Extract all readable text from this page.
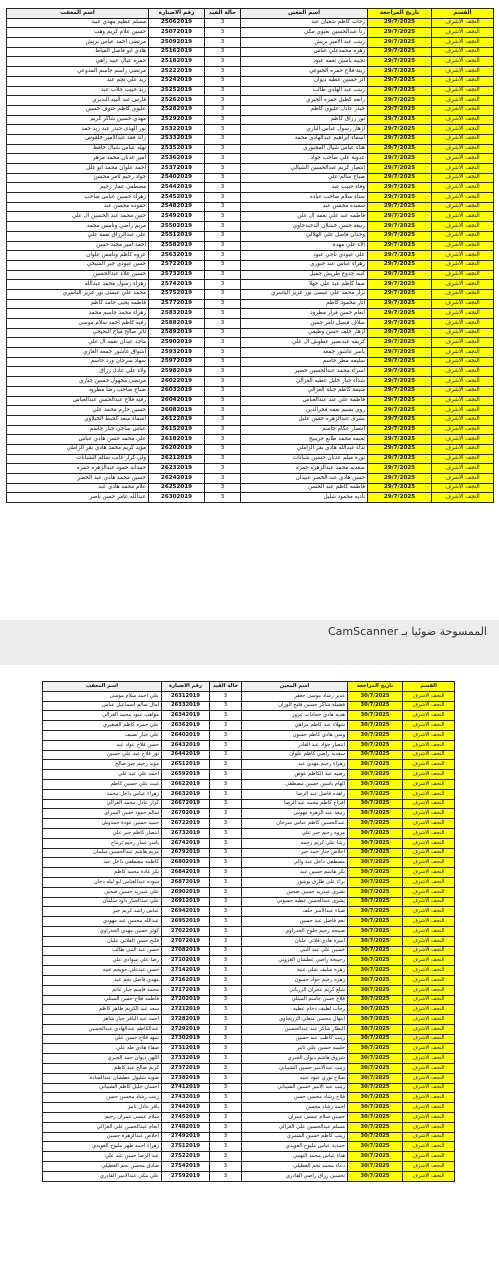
القسم	تاريخ المراجعة	اسم المعين	حالة القيد	رقم الاضبارة	اسم المعقب
النجف الاشرف	29/7/2025	رحاب كاظم شعبان عبد	3	25062019	مسلم عظيم مهدي عبيد
النجف الاشرف	29/7/2025	رنا عبدالحسين بعيوي مكي	3	25072019	حسين علام كريم وهب
النجف الاشرف	29/7/2025	زينب عبد الامير بريش	3	25092019	مرتضى احمد عباس بريش
النجف الاشرف	29/7/2025	زهره محمدعلي عباس	3	25162019	هادي ابو فاضل الفياط
النجف الاشرف	29/7/2025	نجيبه ياسين نعمه عبود	3	25182019	حمزه عيال عبيد راهي
النجف الاشرف	29/7/2025	زينة فلاح حمزه الجنوعي	3	25222019	مرتضى راسم جاسم المدوعي
النجف الاشرف	29/7/2025	اثر حسين عطيه ديوان	3	25242019	زيد علي نجم عبد
النجف الاشرف	29/7/2025	زينب عبد الهادي طالب	3	25252019	زيد حبيب جلاب عبد
النجف الاشرف	29/7/2025	رابعه كطيل حمزه الجبري	3	25262019	فارس عبد البيه البديري
النجف الاشرف	29/7/2025	حيدر عادل عليوي كاظم	3	25282019	عليوي كاظم حنوف حسين
النجف الاشرف	29/7/2025	نور رزاق كاظم	3	25292019	مهدي حسين شاكر كريم
النجف الاشرف	29/7/2025	ازهار رسول عباس الباري	3	25322019	نور الهدى حيدر عبد زيد حمد
النجف الاشرف	29/7/2025	اسماء ابراهيم عبدالهادي محمد	3	25332019	رائد فقد عبدالامير خلقوس
النجف الاشرف	29/7/2025	هناء عباس شيال المجبوري	3	25352019	نهله عباس شيال خافظ
النجف الاشرف	29/7/2025	عذوبة علي صاحب جواد	3	25362019	امير عدنان محمد مزهر
النجف الاشرف	29/7/2025	انتصار كريم عبدالحسين الشيالي	3	25372019	احمد علوان محمد ابو غلل
النجف الاشرف	29/7/2025	صباح سالم علي	3	25402019	جواد رحيم ثامر محسن
النجف الاشرف	29/7/2025	وفاء حبيب عبد	3	25442019	مصطفى عمار رحيم
النجف الاشرف	29/7/2025	سناء سلام صاحب عباده	3	25452019	زهراء حسين عباس صاحب
النجف الاشرف	29/7/2025	سعيده محسن عبد	3	25482019	حموده محسن عبد
النجف الاشرف	29/7/2025	فاطمه عبد علي نعمه ال علي	3	25492019	حنين محمد عبد الحسين ال علي
النجف الاشرف	29/7/2025	ربيعه حسن خشلان الدحيدحاوي	3	25502019	مريم راضي ونامس محمد
النجف الاشرف	29/7/2025	وجدان فاضل علي الهلالي	3	25512019	علي عبدالرزاق نعمة علي
النجف الاشرف	29/7/2025	الاء علي مهدة	3	25582019	احمد امير مجيد حسن
النجف الاشرف	29/7/2025	علي عبودي ناجي عبود	3	25632019	عزوه كاظم ونامس علوان
النجف الاشرف	29/7/2025	زهراء عباس عبد جبوري	3	25722019	حسن عبودي جبر الشيخي
النجف الاشرف	29/7/2025	كنيه جدوع طريش جميل	3	25732019	حسين علاء عبدالحسين
النجف الاشرف	29/7/2025	صفا كاظم عبد علي جهلا	3	25742019	زهراء رسول محمد عبدالله
النجف الاشرف	29/7/2025	نزار محمد علي عيسى نور عزيز الياسري	3	25752019	محمد علي عيسى نور عزيز الياسري
النجف الاشرف	29/7/2025	اثار محمود كاظم	3	25772019	فاطمه يحيى حامد كاظم
النجف الاشرف	29/7/2025	انعام حسن فرار مطرود	3	25832019	زهراء محمد جاسم محمد
النجف الاشرف	29/7/2025	سلاف فيصل تامر حسن	3	25882019	رقيه كاظم احمد سلام موسى
النجف الاشرف	29/7/2025	ازهار خلف حسن وطيفي	3	25892019	ثائر صالح مياح البحيحي
النجف الاشرف	29/7/2025	كريمه عبدنصير عطوش ال علي	3	25902019	ماجد عيدان نعمه ال علي
النجف الاشرف	29/7/2025	ياسر عاشور جمعه	3	25932019	اشواق عاشور جمعه الغازي
النجف الاشرف	29/7/2025	سليمه مطر جاسم	3	25972019	سهاد سرحان ورد جاسم
النجف الاشرف	29/7/2025	اسراء محمد عبدالحسين خضير	3	25982019	ولاء علي عادل رزاق
النجف الاشرف	29/7/2025	شذاء جبار خليل عطيه الغزالي	3	26022019	مرتضى مجهول حسين جباري
النجف الاشرف	29/7/2025	منيمة كاظم جبلة الغزالي	3	26032019	صباح صاحب رضا مطرود
النجف الاشرف	29/7/2025	فاطمة علي عبد عبدالعباس	3	26042019	رقيه فلاح عبدالحسن عبدالعباس
النجف الاشرف	29/7/2025	روي يسيم نعمه فخرالدين	3	26082019	حسين حازم محمد علي
النجف الاشرف	29/7/2025	بشرى عبدالزهره حسن عليل	3	26122019	اسماء سعد كحيط الخبلاوي
النجف الاشرف	29/7/2025	انتصار عكام جاسم	3	26152019	عباس ساجي جبار جاسم
النجف الاشرف	29/7/2025	نعيمه محمد طابع جريبيح	3	26182019	علي محمد حسن هادي عباس
النجف الاشرف	29/7/2025	نداء عبدالله هادي بقر الزاملي	3	26202019	مؤيد كريم محمد هادي بقر الزاملي
النجف الاشرف	29/7/2025	نورة ميلم عدنان حسين شبانات	3	26212019	ولي كرار غانب سالم الشبانات
النجف الاشرف	29/7/2025	سعديه محمد عبدالزهره حمزه	3	26232019	حمدانه حمود عبدالزهره حمزه
النجف الاشرف	29/7/2025	حسن هادي عبد الخضر عبيدان	3	26242019	حسين محمد هادي عبد الخضر
النجف الاشرف	29/7/2025	فاطمه كاظم عبد الحسن	3	26252019	علام محمد هادي عبد
النجف الاشرف	29/7/2025	ناديه محمود شليل	3	26302019	عبدالله عامر حسن ناصر
الممسوحة ضوئيا بـ CamScanner
القسم	تاريخ المراجعة	اسم المعين	حالة القيد	رقم الاضبارة	اسم المعقب
النجف الاشرف	30/7/2025	غدير رشاد موسى جعفر	3	26312019	علي احمد سلام موسى
النجف الاشرف	30/7/2025	فضيله شاكر حسين فليح الوزان	3	26332019	امال سالم اسماعيل عباس
النجف الاشرف	30/7/2025	هديه هادي خجادات عزوز	3	26342019	مواهب عبود محمد الغزالي
النجف الاشرف	30/7/2025	شهلاء عبد كاظم مراهي	3	26362019	علي حمزه كاظم الصغيري
النجف الاشرف	30/7/2025	وسن هادي كاظم حسون	3	26402019	علي جبار نصيف
النجف الاشرف	30/7/2025	انتصار جواد عبد القادر	3	26432019	حسن فلاح عواد عبد
النجف الاشرف	30/7/2025	سعدية راضي كاظم علوان	3	26442019	نور فلاح عبد علي حسين
النجف الاشرف	30/7/2025	زهراء رحيم مهدي عبد	3	26512019	مؤيد رحيم جبر صالح
النجف الاشرف	30/7/2025	رضيه عبد الكاظم عوض	3	26592019	احمد علي عبد علي
النجف الاشرف	30/7/2025	الهام ياسين حسين مصطفى	3	26622019	غيث علي حسين كاظم
النجف الاشرف	30/7/2025	زاهده فاضل عبد الرضا	3	26632019	زهراء عباس داخل محمد
النجف الاشرف	30/7/2025	افراح كاظم محمد عبد الرضا	3	26672019	كرار عادل محمد الغزالي
النجف الاشرف	30/7/2025	ربيعة عبد الزهره مهوس	3	26702019	سالم حمود حسن السراي
النجف الاشرف	30/7/2025	عبدالحسين كاظم عباس سرحان	3	26722019	حميد حسين عودة حمدوش
النجف الاشرف	30/7/2025	مروه رحيم جبر علي	3	26732019	انتصار كاظم جبر علي
النجف الاشرف	30/7/2025	رشا علي كريم رحمه	3	26742019	ياسر عمار رحيم ثرماح
النجف الاشرف	30/7/2025	اخلاص جبار حمد جبر	3	26792019	مريم هاشم عبدالحسين سلمان
النجف الاشرف	30/7/2025	مصطفى داخل عبد والي	3	26802019	كاظمه مصطفى داخل عبد
النجف الاشرف	30/7/2025	بكر هاشم حسين عبد	3	26842019	بكر غادة محمد كاظم
النجف الاشرف	30/7/2025	براء علي طارق بوشور	3	26872019	سوده عبدالعباس ابو ليله دخان
النجف الاشرف	30/7/2025	بشرى عبدزيد حسين صحين	3	26902019	علي عبدزيد حسين صحين
النجف الاشرف	30/7/2025	بشرى عبدالحسن عطيه حسوني	3	26912019	علي عبدالجبار داود سلمان
النجف الاشرف	30/7/2025	ضياء عبدالامير خلف	3	26942019	عباس راشد كريم جبر
النجف الاشرف	30/7/2025	نغم فاضل عبد حسين	3	26952019	عبدالله محسن عبد مهودي
النجف الاشرف	30/7/2025	صبيحه رحيم جلوح الحدراوي	3	27022019	كوثر حسين مهدي الحدراوي
النجف الاشرف	30/7/2025	اميره هادي فلاتي عليان	3	27072019	فليح حسن الفلاتي عليان
النجف الاشرف	30/7/2025	حسين علي عبد النبي	3	27082019	حسن عبد النبي طالب
النجف الاشرف	30/7/2025	رجيبجه راضي عطشان الغزوني	3	27102019	رضا علي سوادي علي
النجف الاشرف	30/7/2025	زهره سليف شلي عبيه	3	27142019	حسن عبدعلي جويحم عبيد
النجف الاشرف	30/7/2025	زهره رحيم جواد حسون	3	27162019	مهدي فاضل نجم عبد
النجف الاشرف	30/7/2025	شلع كريم عجران الزرياني	3	27172019	محمد قاسم جبار غانم
النجف الاشرف	30/7/2025	فلاح حسن جاسم المبتلي	3	27202019	فاطمه فلاح حسن المبتلي
النجف الاشرف	30/7/2025	رحاب لطيف دخام عطيه	3	27212019	سعد عبد الكريم طاهر كاظم
النجف الاشرف	30/7/2025	ابتهال محسن متعلي الزريجاوي	3	27282019	احمد عبد الباقر جبار شاهر
النجف الاشرف	30/7/2025	النظار شاكر عبد عبدالحسين	3	27292019	عبدالكاظم عبدالهادي عبدالحسين
النجف الاشرف	30/7/2025	زينب كاظب عبد حسين	3	27302019	شهد فلاح حسن علي
النجف الاشرف	30/7/2025	حليمه حسين علي ثامر	3	27312019	صفاء هادي طه علي
النجف الاشرف	30/7/2025	شروق هاشم ديوان الجبري	3	27332019	اللهن ديوان حمد الجبري
النجف الاشرف	30/7/2025	زينب عبدالامير حسين الشيباني	3	27372019	كريم صالح عبد كاظم
النجف الاشرف	30/7/2025	صلاح نوري عبود عبيد	3	27382019	ضويه شليول عطشان عبدالساده
النجف الاشرف	30/7/2025	زينب عبد الامير حسين الشيباني	3	27412019	احسان جليل كاظم الشيباني
النجف الاشرف	30/7/2025	فلاح رشاد محسن حسن	3	27432019	زينب رشاد محسن حسن
النجف الاشرف	30/7/2025	احمد رشاد محسن	3	27442019	باقر عادل ثامر
النجف الاشرف	30/7/2025	حسين سلام عيسى عمران	3	27452019	سلام عيسى عمران رحيم
النجف الاشرف	30/7/2025	مسلم عبدالحسين علي الغزالي	3	27482019	انعام عبدالحسن علي الغزالي
النجف الاشرف	30/7/2025	زينب كاظم حسين الشمري	3	27492019	اخلاص عبدالزهره حسين
النجف الاشرف	30/7/2025	حمدية عباس مليوح العويدي	3	27512019	زهراء احمد طهر مليوح العويدي
النجف الاشرف	30/7/2025	هناء عباس محمد التهمي	3	27522019	عبد الرضا حسن عبد علي
النجف الاشرف	30/7/2025	دعاء محمد نجم العطيلي	3	27542019	صادق محسن نجم العطيلي
النجف الاشرف	30/7/2025	تحسين رزاق راضي القادري	3	27592019	علي مكي عبدالامير القادري
